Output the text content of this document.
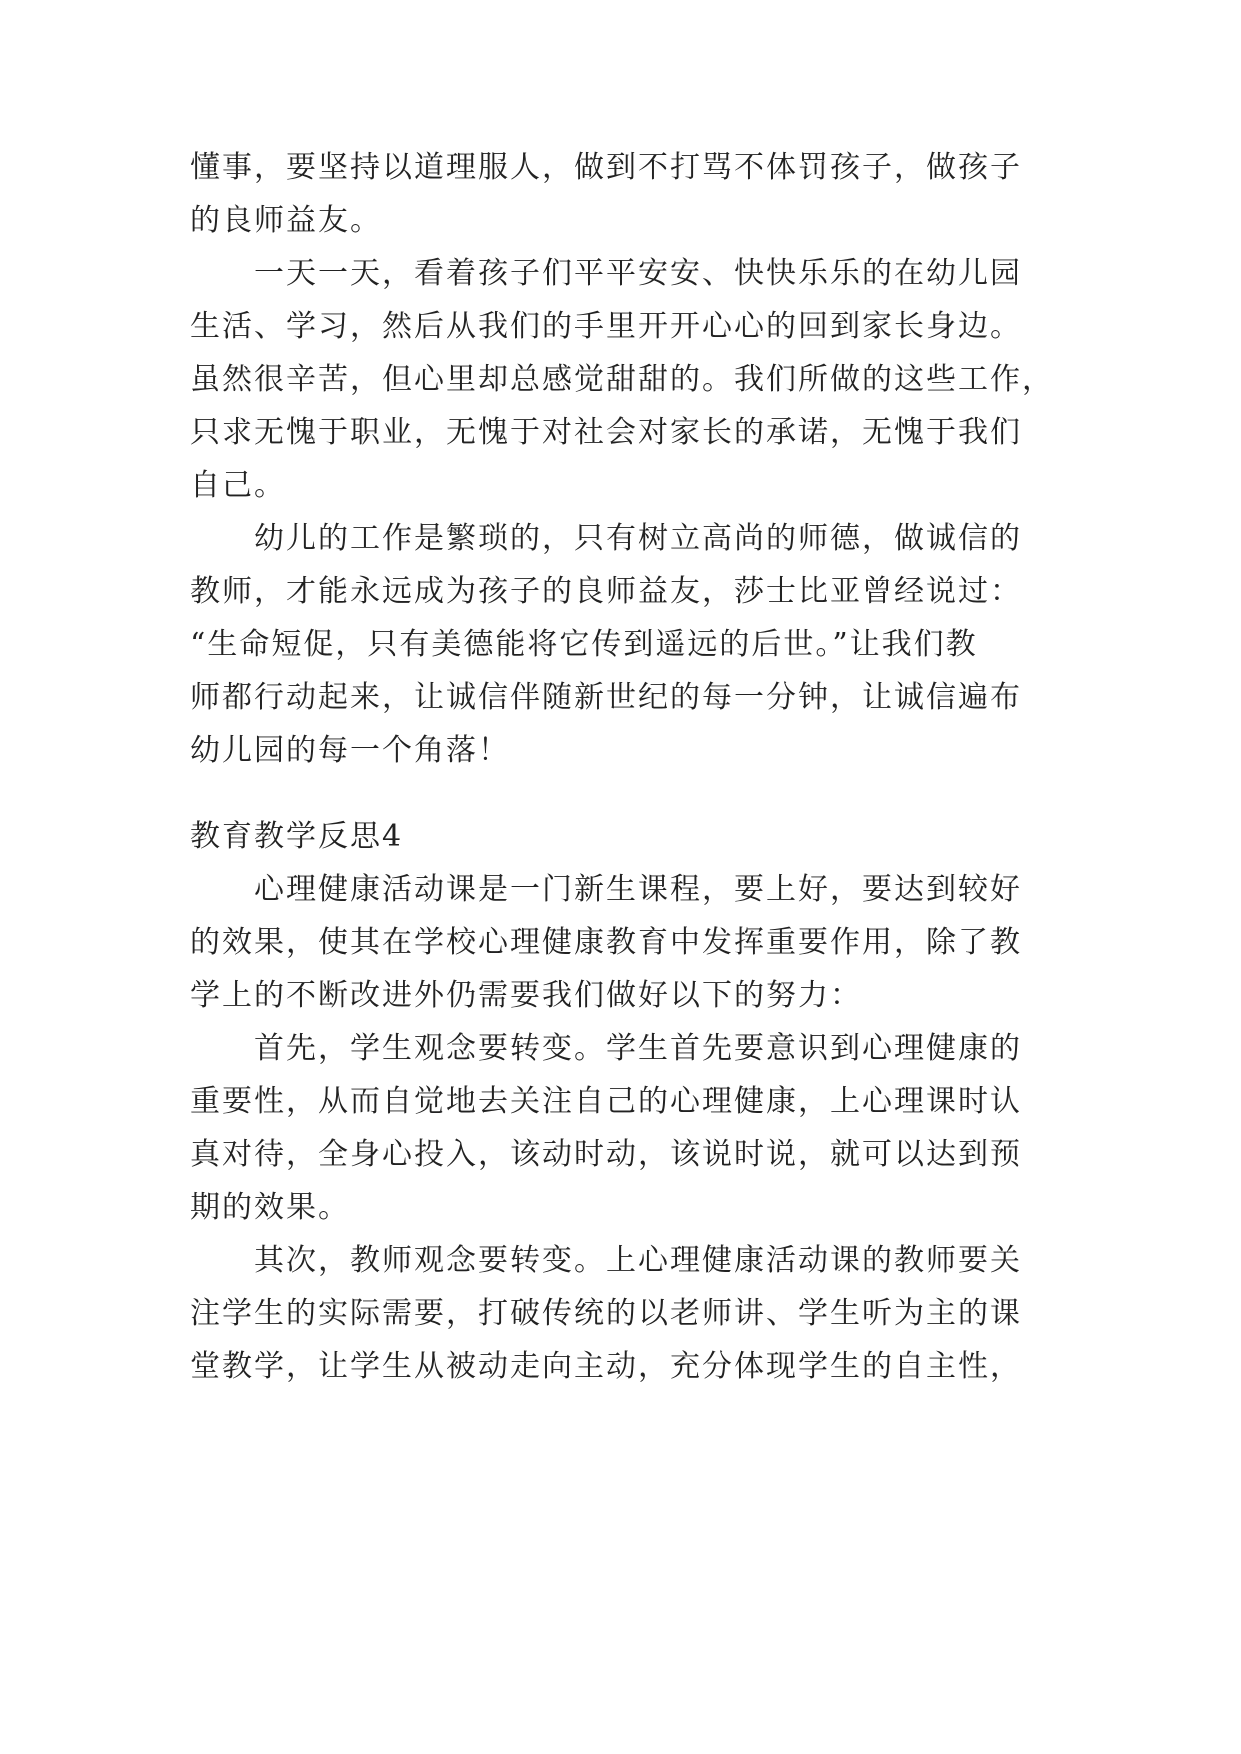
懂事，要坚持以道理服人，做到不打骂不体罚孩子，做孩子
的良师益友。
一天一天，看着孩子们平平安安、快快乐乐的在幼儿园
生活、学习，然后从我们的手里开开心心的回到家长身边。
虽然很辛苦，但心里却总感觉甜甜的。我们所做的这些工作，
只求无愧于职业，无愧于对社会对家长的承诺，无愧于我们
自己。
幼儿的工作是繁琐的，只有树立高尚的师德，做诚信的
教师，才能永远成为孩子的良师益友，莎士比亚曾经说过：
“生命短促，只有美德能将它传到遥远的后世。”让我们教
师都行动起来，让诚信伴随新世纪的每一分钟，让诚信遍布
幼儿园的每一个角落！
教育教学反思4
心理健康活动课是一门新生课程，要上好，要达到较好
的效果，使其在学校心理健康教育中发挥重要作用，除了教
学上的不断改进外仍需要我们做好以下的努力：
首先，学生观念要转变。学生首先要意识到心理健康的
重要性，从而自觉地去关注自己的心理健康，上心理课时认
真对待，全身心投入，该动时动，该说时说，就可以达到预
期的效果。
其次，教师观念要转变。上心理健康活动课的教师要关
注学生的实际需要，打破传统的以老师讲、学生听为主的课
堂教学，让学生从被动走向主动，充分体现学生的自主性，
